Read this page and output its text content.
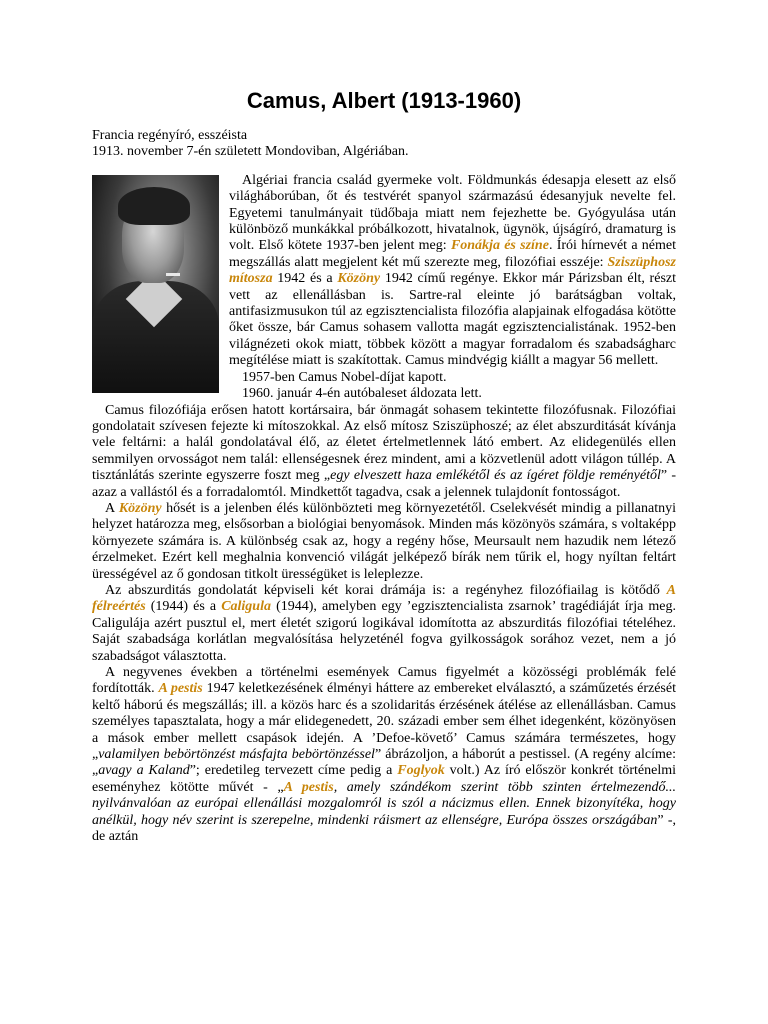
Camus, Albert (1913-1960)

Francia regényíró, esszéista

1913. november 7-én született Mondoviban, Algériában.

Algériai francia család gyermeke volt. Földmunkás édesapja elesett az első világháborúban, őt és testvérét spanyol származású édesanyjuk nevelte fel. Egyetemi tanulmányait tüdőbaja miatt nem fejezhette be. Gyógyulása után különböző munkákkal próbálkozott, hivatalnok, ügynök, újságíró, dramaturg is volt. Első kötete 1937-ben jelent meg: Fonákja és színe. Írói hírnevét a német megszállás alatt megjelent két mű szerezte meg, filozófiai esszéje: Sziszüphosz mítosza 1942 és a Közöny 1942 című regénye. Ekkor már Párizsban élt, részt vett az ellenállásban is. Sartre-ral eleinte jó barátságban voltak, antifasizmusukon túl az egzisztencialista filozófia alapjainak elfogadása kötötte őket össze, bár Camus sohasem vallotta magát egzisztencialistának. 1952-ben világnézeti okok miatt, többek között a magyar forradalom és szabadságharc megítélése miatt is szakítottak. Camus mindvégig kiállt a magyar 56 mellett.

1957-ben Camus Nobel-díjat kapott.

1960. január 4-én autóbaleset áldozata lett.

Camus filozófiája erősen hatott kortársaira, bár önmagát sohasem tekintette filozófusnak. Filozófiai gondolatait szívesen fejezte ki mítoszokkal. Az első mítosz Sziszüphoszé; az élet abszurditását kívánja vele feltárni: a halál gondolatával élő, az életet értelmetlennek látó embert. Az elidegenülés ellen semmilyen orvosságot nem talál: ellenségesnek érez mindent, ami a közvetlenül adott világon túllép. A tisztánlátás szerinte egyszerre foszt meg „egy elveszett haza emlékétől és az ígéret földje reményétől” - azaz a vallástól és a forradalomtól. Mindkettőt tagadva, csak a jelennek tulajdonít fontosságot.

A Közöny hősét is a jelenben élés különbözteti meg környezetétől. Cselekvését mindig a pillanatnyi helyzet határozza meg, elsősorban a biológiai benyomások. Minden más közönyös számára, s voltaképp környezete számára is. A különbség csak az, hogy a regény hőse, Meursault nem hazudik nem létező érzelmeket. Ezért kell meghalnia konvenció világát jelképező bírák nem tűrik el, hogy nyíltan feltárt ürességével az ő gondosan titkolt ürességüket is leleplezze.

Az abszurditás gondolatát képviseli két korai drámája is: a regényhez filozófiailag is kötődő A félreértés (1944) és a Caligula (1944), amelyben egy ’egzisztencialista zsarnok’ tragédiáját írja meg. Caligulája azért pusztul el, mert életét szigorú logikával idomította az abszurditás filozófiai tételéhez. Saját szabadsága korlátlan megvalósítása helyzeténél fogva gyilkosságok sorához vezet, nem a jó szabadságot választotta.

A negyvenes években a történelmi események Camus figyelmét a közösségi problémák felé fordították. A pestis 1947 keletkezésének élményi háttere az embereket elválasztó, a száműzetés érzését keltő háború és megszállás; ill. a közös harc és a szolidaritás érzésének átélése az ellenállásban. Camus személyes tapasztalata, hogy a már elidegenedett, 20. századi ember sem élhet idegenként, közönyösen a mások ember mellett csapások idején. A ’Defoe-követő’ Camus számára természetes, hogy „valamilyen bebörtönzést másfajta bebörtönzéssel” ábrázoljon, a háborút a pestissel. (A regény alcíme: „avagy a Kaland”; eredetileg tervezett címe pedig a Foglyok volt.) Az író először konkrét történelmi eseményhez kötötte művét - „A pestis, amely szándékom szerint több szinten értelmezendő... nyilvánvalóan az európai ellenállási mozgalomról is szól a nácizmus ellen. Ennek bizonyítéka, hogy anélkül, hogy név szerint is szerepelne, mindenki ráismert az ellenségre, Európa összes országában” -, de aztán
